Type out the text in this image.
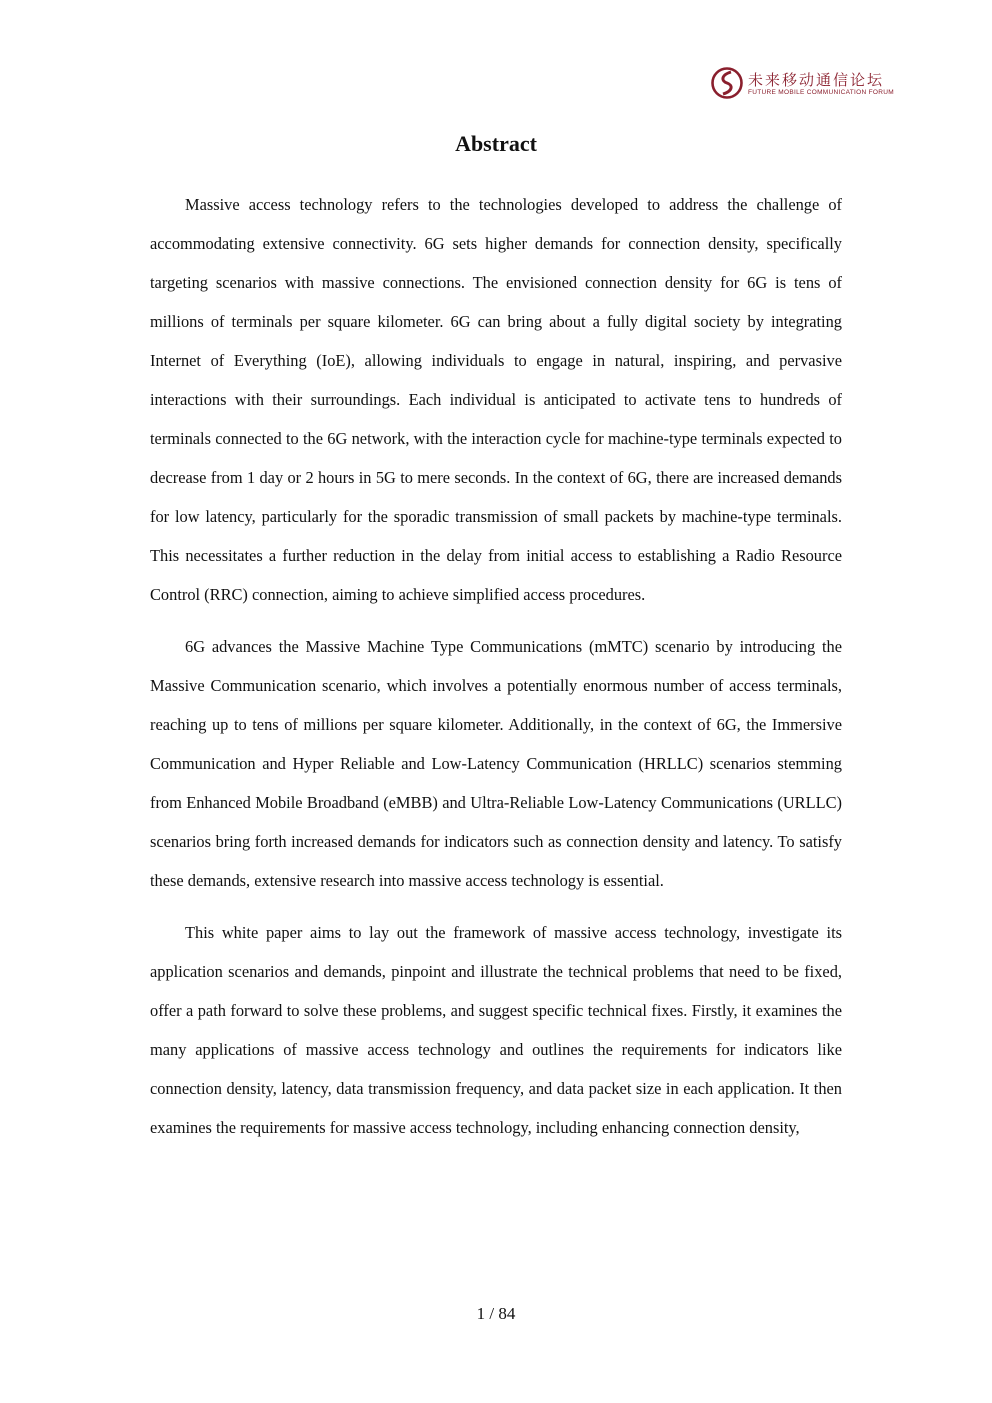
未来移动通信论坛
FUTURE MOBILE COMMUNICATION FORUM
Abstract

Massive access technology refers to the technologies developed to address the challenge of accommodating extensive connectivity. 6G sets higher demands for connection density, specifically targeting scenarios with massive connections. The envisioned connection density for 6G is tens of millions of terminals per square kilometer. 6G can bring about a fully digital society by integrating Internet of Everything (IoE), allowing individuals to engage in natural, inspiring, and pervasive interactions with their surroundings. Each individual is anticipated to activate tens to hundreds of terminals connected to the 6G network, with the interaction cycle for machine-type terminals expected to decrease from 1 day or 2 hours in 5G to mere seconds. In the context of 6G, there are increased demands for low latency, particularly for the sporadic transmission of small packets by machine-type terminals. This necessitates a further reduction in the delay from initial access to establishing a Radio Resource Control (RRC) connection, aiming to achieve simplified access procedures.

6G advances the Massive Machine Type Communications (mMTC) scenario by introducing the Massive Communication scenario, which involves a potentially enormous number of access terminals, reaching up to tens of millions per square kilometer. Additionally, in the context of 6G, the Immersive Communication and Hyper Reliable and Low-Latency Communication (HRLLC) scenarios stemming from Enhanced Mobile Broadband (eMBB) and Ultra-Reliable Low-Latency Communications (URLLC) scenarios bring forth increased demands for indicators such as connection density and latency. To satisfy these demands, extensive research into massive access technology is essential.

This white paper aims to lay out the framework of massive access technology, investigate its application scenarios and demands, pinpoint and illustrate the technical problems that need to be fixed, offer a path forward to solve these problems, and suggest specific technical fixes. Firstly, it examines the many applications of massive access technology and outlines the requirements for indicators like connection density, latency, data transmission frequency, and data packet size in each application. It then examines the requirements for massive access technology, including enhancing connection density,

1 / 84
